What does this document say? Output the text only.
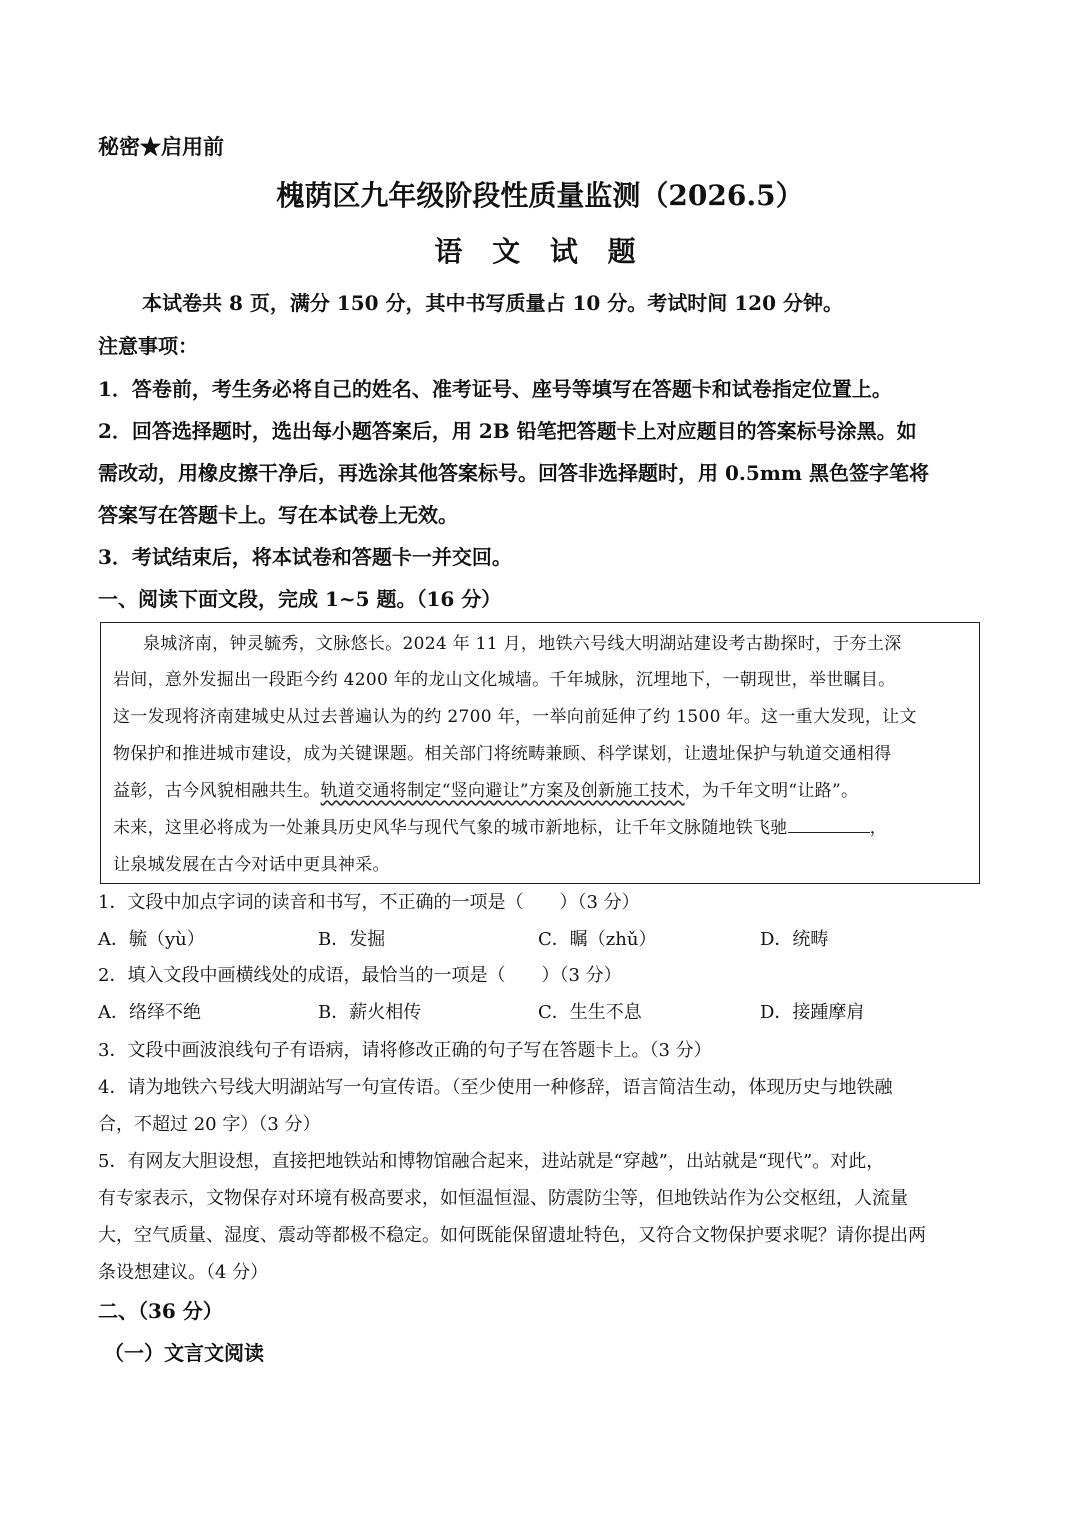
秘密★启用前
槐荫区九年级阶段性质量监测（2026.5）
语 文 试 题
本试卷共 8 页，满分 150 分，其中书写质量占 10 分。考试时间 120 分钟。
注意事项：
1．答卷前，考生务必将自己的姓名、准考证号、座号等填写在答题卡和试卷指定位置上。
2．回答选择题时，选出每小题答案后，用 2B 铅笔把答题卡上对应题目的答案标号涂黑。如
需改动，用橡皮擦干净后，再选涂其他答案标号。回答非选择题时，用 0.5mm 黑色签字笔将
答案写在答题卡上。写在本试卷上无效。
3．考试结束后，将本试卷和答题卡一并交回。
一、阅读下面文段，完成 1~5 题。（16 分）
泉城济南，钟灵毓秀，文脉悠长。2024 年 11 月，地铁六号线大明湖站建设考古勘探时，于夯土深
岩间，意外发掘出一段距今约 4200 年的龙山文化城墙。千年城脉，沉埋地下，一朝现世，举世瞩目。
这一发现将济南建城史从过去普遍认为的约 2700 年，一举向前延伸了约 1500 年。这一重大发现，让文
物保护和推进城市建设，成为关键课题。相关部门将统畴兼顾、科学谋划，让遗址保护与轨道交通相得
益彰，古今风貌相融共生。轨道交通将制定“竖向避让”方案及创新施工技术，为千年文明“让路”。
未来，这里必将成为一处兼具历史风华与现代气象的城市新地标，让千年文脉随地铁飞驰	，
让泉城发展在古今对话中更具神采。
1．文段中加点字词的读音和书写，不正确的一项是（　　）（3 分）
A．毓（yù）	B．发掘	C．瞩（zhǔ）	D．统畴
2．填入文段中画横线处的成语，最恰当的一项是（　　）（3 分）
A．络绎不绝	B．薪火相传	C．生生不息	D．接踵摩肩
3．文段中画波浪线句子有语病，请将修改正确的句子写在答题卡上。（3 分）
4．请为地铁六号线大明湖站写一句宣传语。（至少使用一种修辞，语言简洁生动，体现历史与地铁融
合，不超过 20 字）（3 分）
5．有网友大胆设想，直接把地铁站和博物馆融合起来，进站就是“穿越”，出站就是“现代”。对此，
有专家表示，文物保存对环境有极高要求，如恒温恒湿、防震防尘等，但地铁站作为公交枢纽，人流量
大，空气质量、湿度、震动等都极不稳定。如何既能保留遗址特色，又符合文物保护要求呢？请你提出两
条设想建议。（4 分）
二、（36 分）
（一）文言文阅读
